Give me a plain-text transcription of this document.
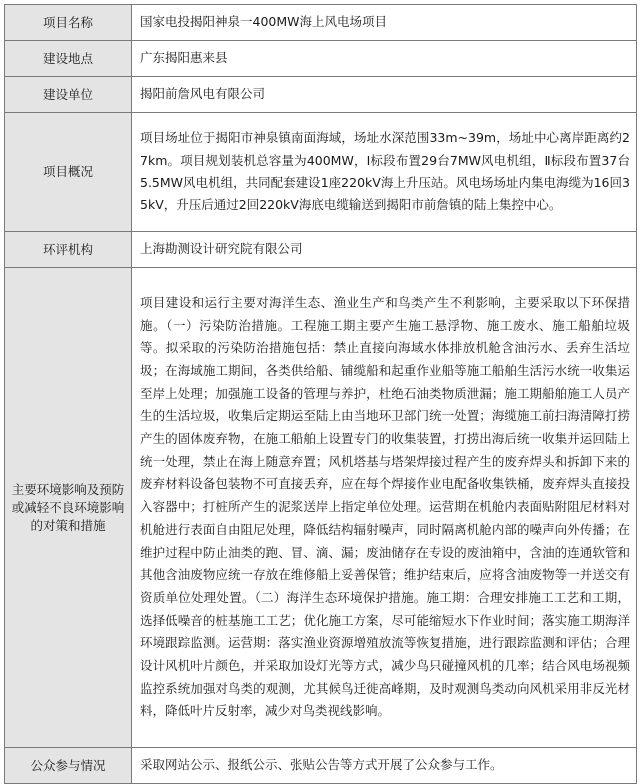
项目名称	国家电投揭阳神泉一400MW海上风电场项目
建设地点	广东揭阳惠来县
建设单位	揭阳前詹风电有限公司
项目概况	项目场址位于揭阳市神泉镇南面海域，场址水深范围33m~39m，场址中心离岸距离约27km。项目规划装机总容量为400MW，Ⅰ标段布置29台7MW风电机组，Ⅱ标段布置37台5.5MW风电机组，共同配套建设1座220kV海上升压站。风电场场址内集电海缆为16回35kV，升压后通过2回220kV海底电缆输送到揭阳市前詹镇的陆上集控中心。
环评机构	上海勘测设计研究院有限公司
主要环境影响及预防或减轻不良环境影响的对策和措施	项目建设和运行主要对海洋生态、渔业生产和鸟类产生不利影响，主要采取以下环保措施。（一）污染防治措施。工程施工期主要产生施工悬浮物、施工废水、施工船舶垃圾等。拟采取的污染防治措施包括：禁止直接向海域水体排放机舱含油污水、丢弃生活垃圾；在海域施工期间，各类供给船、铺缆船和起重作业船等施工船舶生活污水统一收集运至岸上处理；加强施工设备的管理与养护，杜绝石油类物质泄漏；施工期船舶施工人员产生的生活垃圾，收集后定期运至陆上由当地环卫部门统一处置；海缆施工前扫海清障打捞产生的固体废弃物，在施工船舶上设置专门的收集装置，打捞出海后统一收集并运回陆上统一处理，禁止在海上随意弃置；风机塔基与塔架焊接过程产生的废弃焊头和拆卸下来的废弃材料设备包装物不可直接丢弃，应在每个焊接作业电配备收集铁桶，废弃焊头直接投入容器中；打桩所产生的泥浆送岸上指定单位处理。运营期在机舱内表面贴附阻尼材料对机舱进行表面自由阻尼处理，降低结构辐射噪声，同时隔离机舱内部的噪声向外传播；在维护过程中防止油类的跑、冒、滴、漏；废油储存在专设的废油箱中，含油的连通软管和其他含油废物应统一存放在维修船上妥善保管；维护结束后，应将含油废物等一并送交有资质单位处理处置。（二）海洋生态环境保护措施。施工期：合理安排施工工艺和工期，选择低噪音的桩基施工工艺；优化施工方案，尽可能缩短水下作业时间；落实施工期海洋环境跟踪监测。运营期：落实渔业资源增殖放流等恢复措施，进行跟踪监测和评估；合理设计风机叶片颜色，并采取加设灯光等方式，减少鸟只碰撞风机的几率；结合风电场视频监控系统加强对鸟类的观测，尤其候鸟迁徙高峰期，及时观测鸟类动向风机采用非反光材料，降低叶片反射率，减少对鸟类视线影响。
公众参与情况	采取网站公示、报纸公示、张贴公告等方式开展了公众参与工作。
